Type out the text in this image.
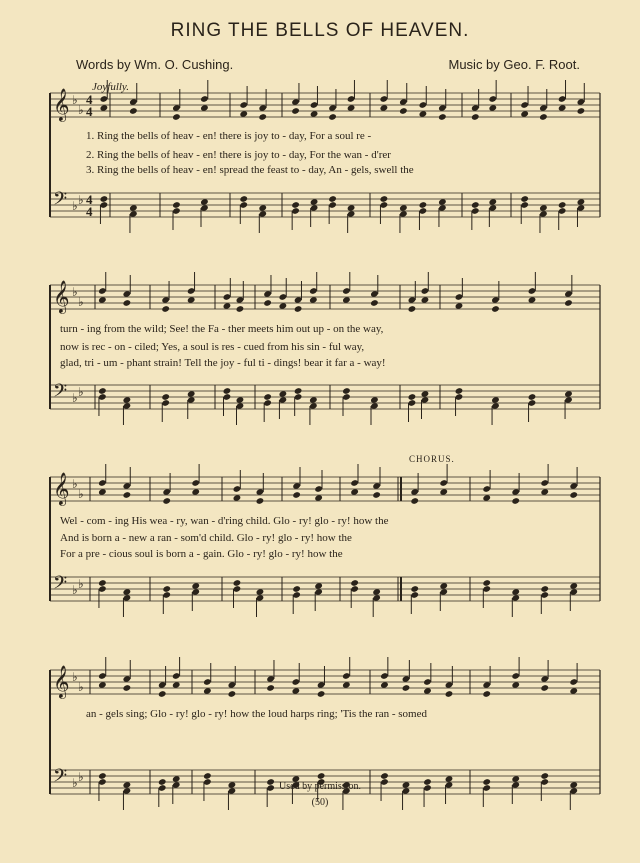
RING THE BELLS OF HEAVEN.
Words by Wm. O. Cushing.	Music by Geo. F. Root.
Joyfully.
CHORUS.
𝄞 ♭
♭
𝄢 ♭ ♭
𝄞 ♭
♭
𝄢 ♭ ♭
𝄞 ♭
♭
𝄢 ♭ ♭
𝄞 ♭
♭
𝄢 ♭ ♭
4
4
4
4
1. Ring the bells of heav - en! there is joy to - day, For a soul re -
2. Ring the bells of heav - en! there is joy to - day, For the wan - d'rer
3. Ring the bells of heav - en! spread the feast to - day, An - gels, swell the
turn - ing from the wild; See! the Fa - ther meets him out up - on the way,
now is rec - on - ciled; Yes, a soul is res - cued from his sin - ful way,
glad, tri - um - phant strain! Tell the joy - ful ti - dings! bear it far a - way!
Wel - com - ing His wea - ry, wan - d'ring child. Glo - ry! glo - ry! how the
And is born a - new a ran - som'd child. Glo - ry! glo - ry! how the
For a pre - cious soul is born a - gain. Glo - ry! glo - ry! how the
an - gels sing; Glo - ry! glo - ry! how the loud harps ring; 'Tis the ran - somed
Used by permission.
(50)
